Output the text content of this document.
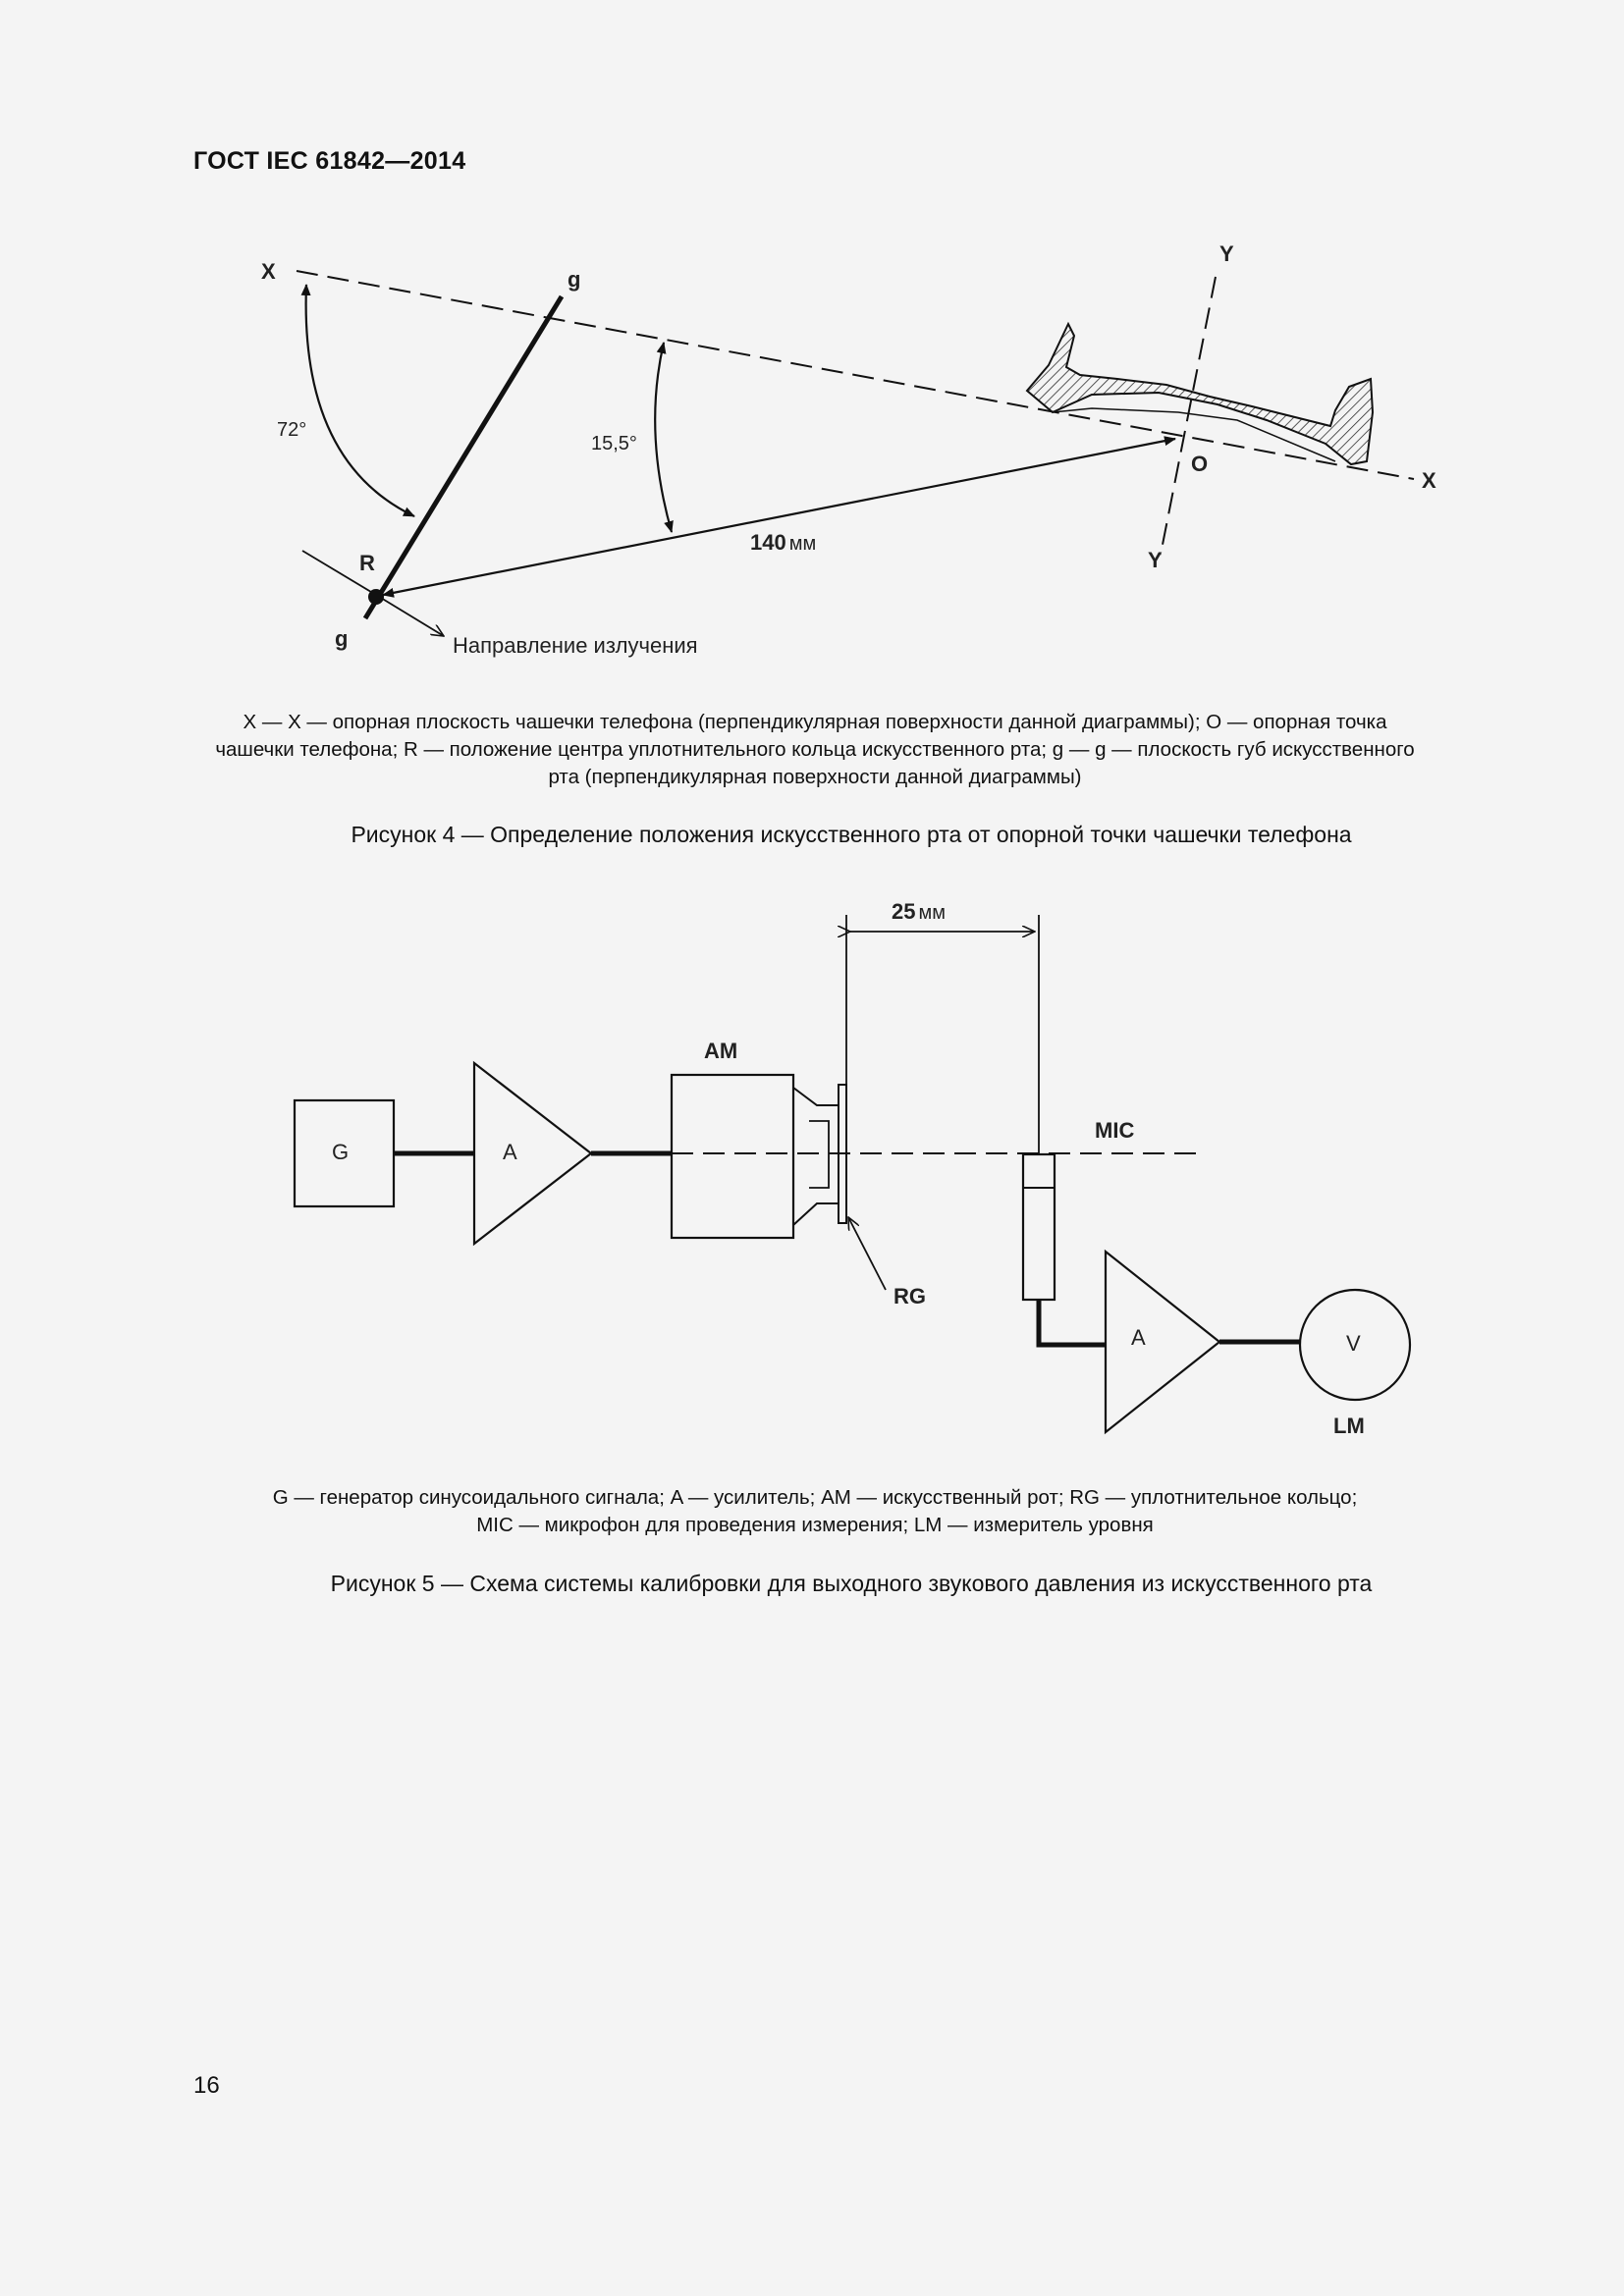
ГОСТ IEC 61842—2014
X	g
Y
72°
15,5°
O
X
140 мм
Y
R
g	Направление излучения
25 мм
G	A
AM
RG
MIC
A	V
LM
X — X — опорная плоскость чашечки телефона (перпендикулярная поверхности данной диаграммы); O — опорная точка
чашечки телефона; R — положение центра уплотнительного кольца искусственного рта; g — g — плоскость губ искусственного
рта (перпендикулярная поверхности данной диаграммы)
Рисунок 4 — Определение положения искусственного рта от опорной точки чашечки телефона
G — генератор синусоидального сигнала; A — усилитель; AM — искусственный рот; RG — уплотнительное кольцо;
MIC — микрофон для проведения измерения; LM — измеритель уровня
Рисунок 5 — Схема системы калибровки для выходного звукового давления из искусственного рта
16
